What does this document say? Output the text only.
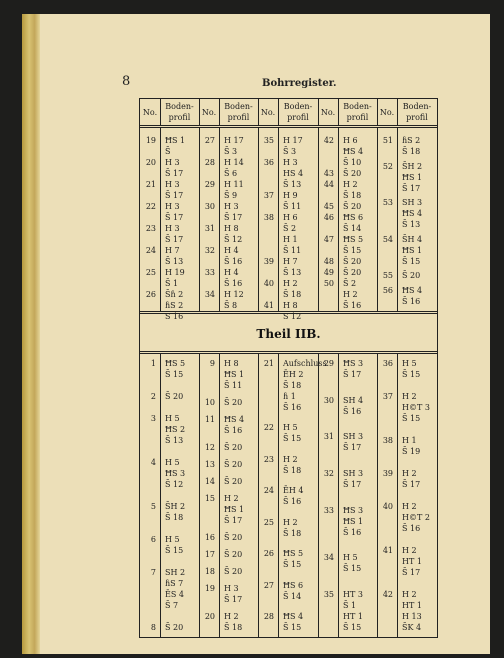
8	Bohrregister.
Theil IIB.
No.
Boden-
profil
No.
Boden-
profil
No.
Boden-
profil
No.
Boden-
profil
No.
Boden-
profil
19 ĦS 1
S̄
20 H 3
S̄ 17
21 H 3
S̄ 17
22 H 3
S̄ 17
23 H 3
S̄ 17
24 H 7
S̄ 13
25 H 19
S̄ 1
26 S̄ɦ 2
ɦS 2
S̄ 16
27 H 17
S̄ 3
28 H 14
S̄ 6
29 H 11
S̄ 9
30 H 3
S̄ 17
31 H 8
S̄ 12
32 H 4
S̄ 16
33 H 4
S̄ 16
34 H 12
S̄ 8
35 H 17
S̄ 3
36 H 3
HS 4
S̄ 13
37 H 9
S̄ 11
38 H 6
S̄ 2
H 1
S̄ 11
39 H 7
S̄ 13
40 H 2
S̄ 18
41 H 8
S̄ 12
42 H 6
ĦS 4
S̄ 10
43 S̄ 20
44 H 2
S̄ 18
45 S̄ 20
46 ĦS 6
S̄ 14
47 ĦS 5
S̄ 15
48 S̄ 20
49 S̄ 20
50 S̄ 2
H 2
S̄ 16
51 ɦS 2
S̄ 18
52 S̄H 2
ĦS 1
S̄ 17
53 SH 3
ĦS 4
S̄ 13
54 S̄H 4
ĦS 1
S̄ 15
55 S̄ 20
56 ĦS 4
S̄ 16
1 ĦS 5
S̄ 15
2 S̄ 20
3 H 5
ĦS 2
S̄ 13
4 H 5
ĦS 3
S̄ 12
5 S̄H 2
S̄ 18
6 H 5
S̄ 15
7 SH 2
ɦS 7
ĒS 4
S̄ 7
8 S̄ 20
9 H 8
ĦS 1
S̄ 11
10 S̄ 20
11 ĦS 4
S̄ 16
12 S̄ 20
13 S̄ 20
14 S̄ 20
15 H 2
ĦS 1
S̄ 17
16 S̄ 20
17 S̄ 20
18 S̄ 20
19 H 3
S̄ 17
20 H 2
S̄ 18
21 Aufschluss
ĒH 2
S̄ 18
ɦ 1
S̄ 16
22 H 5
S̄ 15
23 H 2
S̄ 18
24 ĒH 4
S̄ 16
25 H 2
S̄ 18
26 ĦS 5
S̄ 15
27 ĦS 6
S̄ 14
28 ĦS 4
S̄ 15
29 ĦS 3
S̄ 17
30 SH 4
S̄ 16
31 SH 3
S̄ 17
32 SH 3
S̄ 17
33 ĦS 3
ĦS 1
S̄ 16
34 H 5
S̄ 15
35 HT 3
S̄ 1
HT 1
S̄ 15
36 H 5
S̄ 15
37 H 2
H©T 3
S̄ 15
38 H 1
S̄ 19
39 H 2
S̄ 17
40 H 2
H©T 2
S̄ 16
41 H 2
HT 1
S̄ 17
42 H 2
HT 1
H 13
S̄K 4
